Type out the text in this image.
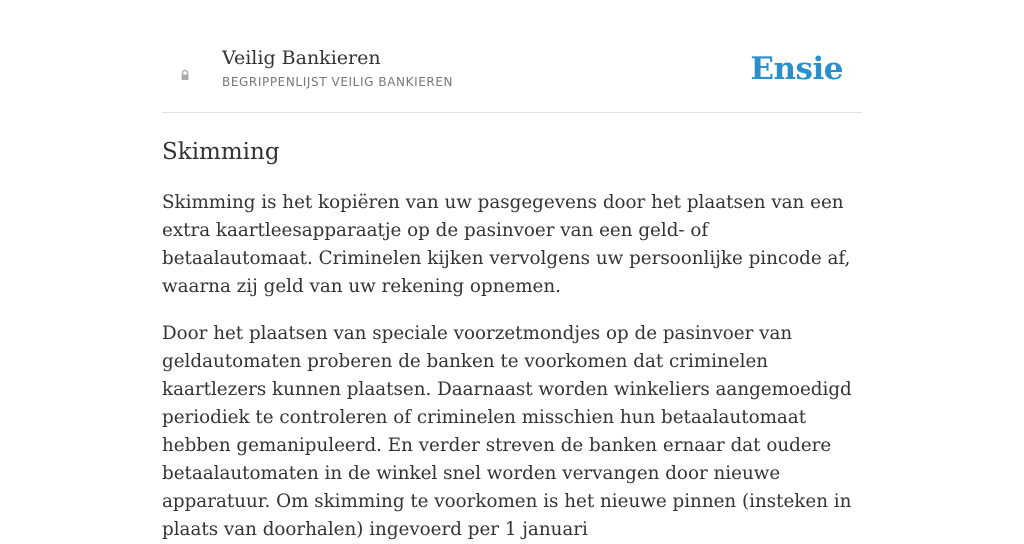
Veilig Bankieren
BEGRIPPENLIJST VEILIG BANKIEREN	Ensie
Skimming

Skimming is het kopiëren van uw pasgegevens door het plaatsen van een extra kaartleesapparaatje op de pasinvoer van een geld- of betaalautomaat. Criminelen kijken vervolgens uw persoonlijke pincode af, waarna zij geld van uw rekening opnemen.

Door het plaatsen van speciale voorzetmondjes op de pasinvoer van geldautomaten proberen de banken te voorkomen dat criminelen kaartlezers kunnen plaatsen. Daarnaast worden winkeliers aangemoedigd periodiek te controleren of criminelen misschien hun betaalautomaat hebben gemanipuleerd. En verder streven de banken ernaar dat oudere betaalautomaten in de winkel snel worden vervangen door nieuwe apparatuur. Om skimming te voorkomen is het nieuwe pinnen (insteken in plaats van doorhalen) ingevoerd per 1 januari
